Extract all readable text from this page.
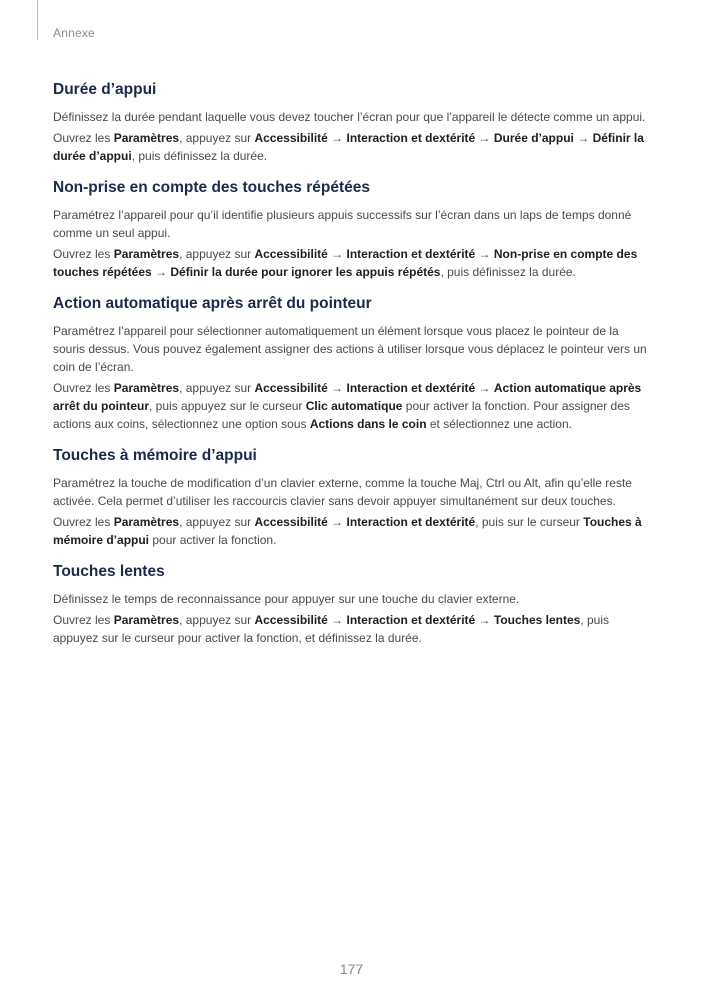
Annexe
Durée d’appui

Définissez la durée pendant laquelle vous devez toucher l’écran pour que l’appareil le détecte comme un appui.

Ouvrez les Paramètres, appuyez sur Accessibilité → Interaction et dextérité → Durée d’appui → Définir la durée d’appui, puis définissez la durée.

Non-prise en compte des touches répétées

Paramétrez l’appareil pour qu’il identifie plusieurs appuis successifs sur l’écran dans un laps de temps donné comme un seul appui.

Ouvrez les Paramètres, appuyez sur Accessibilité → Interaction et dextérité → Non-prise en compte des touches répétées → Définir la durée pour ignorer les appuis répétés, puis définissez la durée.

Action automatique après arrêt du pointeur

Paramétrez l’appareil pour sélectionner automatiquement un élément lorsque vous placez le pointeur de la souris dessus. Vous pouvez également assigner des actions à utiliser lorsque vous déplacez le pointeur vers un coin de l’écran.

Ouvrez les Paramètres, appuyez sur Accessibilité → Interaction et dextérité → Action automatique après arrêt du pointeur, puis appuyez sur le curseur Clic automatique pour activer la fonction. Pour assigner des actions aux coins, sélectionnez une option sous Actions dans le coin et sélectionnez une action.

Touches à mémoire d’appui

Paramétrez la touche de modification d’un clavier externe, comme la touche Maj, Ctrl ou Alt, afin qu’elle reste activée. Cela permet d’utiliser les raccourcis clavier sans devoir appuyer simultanément sur deux touches.

Ouvrez les Paramètres, appuyez sur Accessibilité → Interaction et dextérité, puis sur le curseur Touches à mémoire d’appui pour activer la fonction.

Touches lentes

Définissez le temps de reconnaissance pour appuyer sur une touche du clavier externe.

Ouvrez les Paramètres, appuyez sur Accessibilité → Interaction et dextérité → Touches lentes, puis appuyez sur le curseur pour activer la fonction, et définissez la durée.

177
